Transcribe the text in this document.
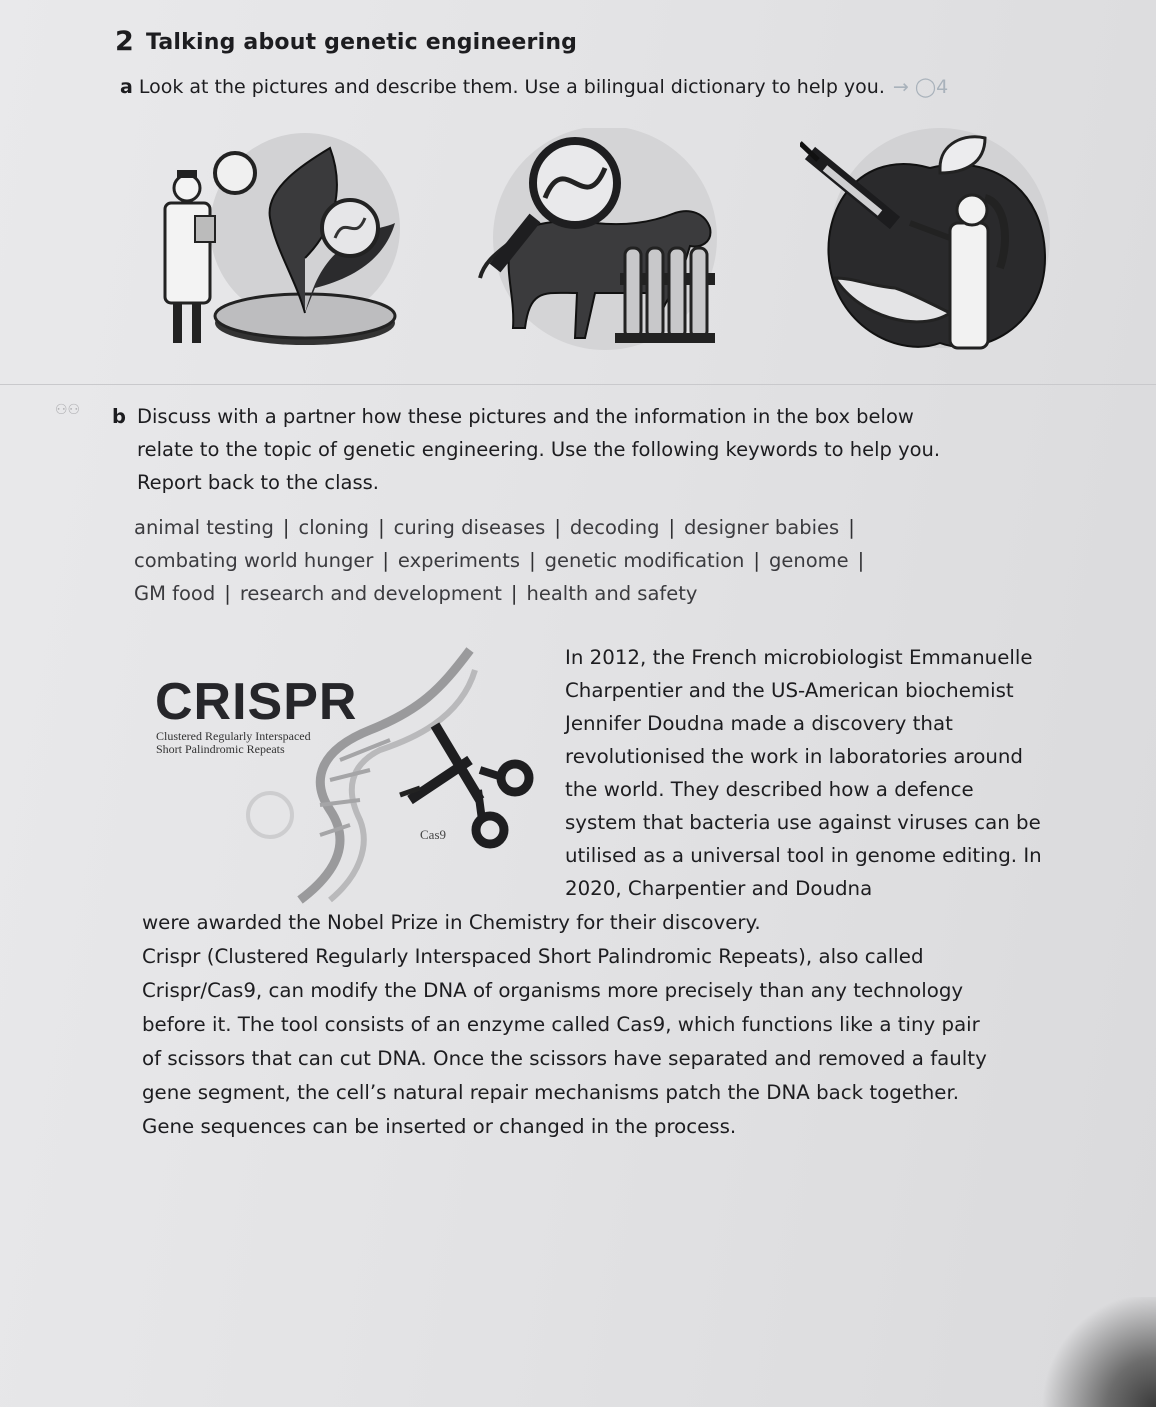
2 Talking about genetic engineering
a Look at the pictures and describe them. Use a bilingual dictionary to help you. → ◯4
⚇⚇ b Discuss with a partner how these pictures and the information in the box below
relate to the topic of genetic engineering. Use the following keywords to help you.
Report back to the class.
animal testing | cloning | curing diseases | decoding | designer babies |
combating world hunger | experiments | genetic modification | genome |
GM food | research and development | health and safety
CRISPR
Clustered Regularly Interspaced
Short Palindromic Repeats
Cas9
In 2012, the French microbiologist Emmanuelle
Charpentier and the US-American biochemist
Jennifer Doudna made a discovery that
revolutionised the work in laboratories around
the world. They described how a defence
system that bacteria use against viruses can be
utilised as a universal tool in genome editing. In
2020, Charpentier and Doudna
were awarded the Nobel Prize in Chemistry for their discovery.
Crispr (Clustered Regularly Interspaced Short Palindromic Repeats), also called
Crispr/Cas9, can modify the DNA of organisms more precisely than any technology
before it. The tool consists of an enzyme called Cas9, which functions like a tiny pair
of scissors that can cut DNA. Once the scissors have separated and removed a faulty
gene segment, the cell’s natural repair mechanisms patch the DNA back together.
Gene sequences can be inserted or changed in the process.
